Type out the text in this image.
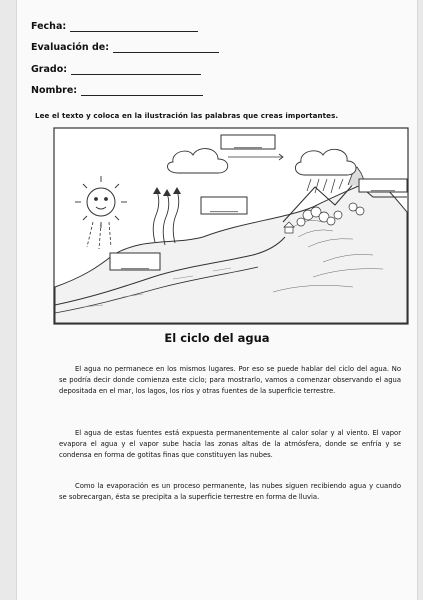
Fecha:
Evaluación de:
Grado:
Nombre:
Lee el texto y coloca en la ilustración las palabras que creas importantes.
_______
_______
_______
______
El ciclo del agua
El agua no permanece en los mismos lugares. Por eso se puede hablar del ciclo del agua. No se podría decir donde comienza este ciclo; para mostrarlo, vamos a comenzar observando el agua depositada en el mar, los lagos, los ríos y otras fuentes de la superficie terrestre.
El agua de estas fuentes está expuesta permanentemente al calor solar y al viento. El vapor evapora el agua y el vapor sube hacia las zonas altas de la atmósfera, donde se enfría y se condensa en forma de gotitas finas que constituyen las nubes.
Como la evaporación es un proceso permanente, las nubes siguen recibiendo agua y cuando se sobrecargan, ésta se precipita a la superficie terrestre en forma de lluvia.
